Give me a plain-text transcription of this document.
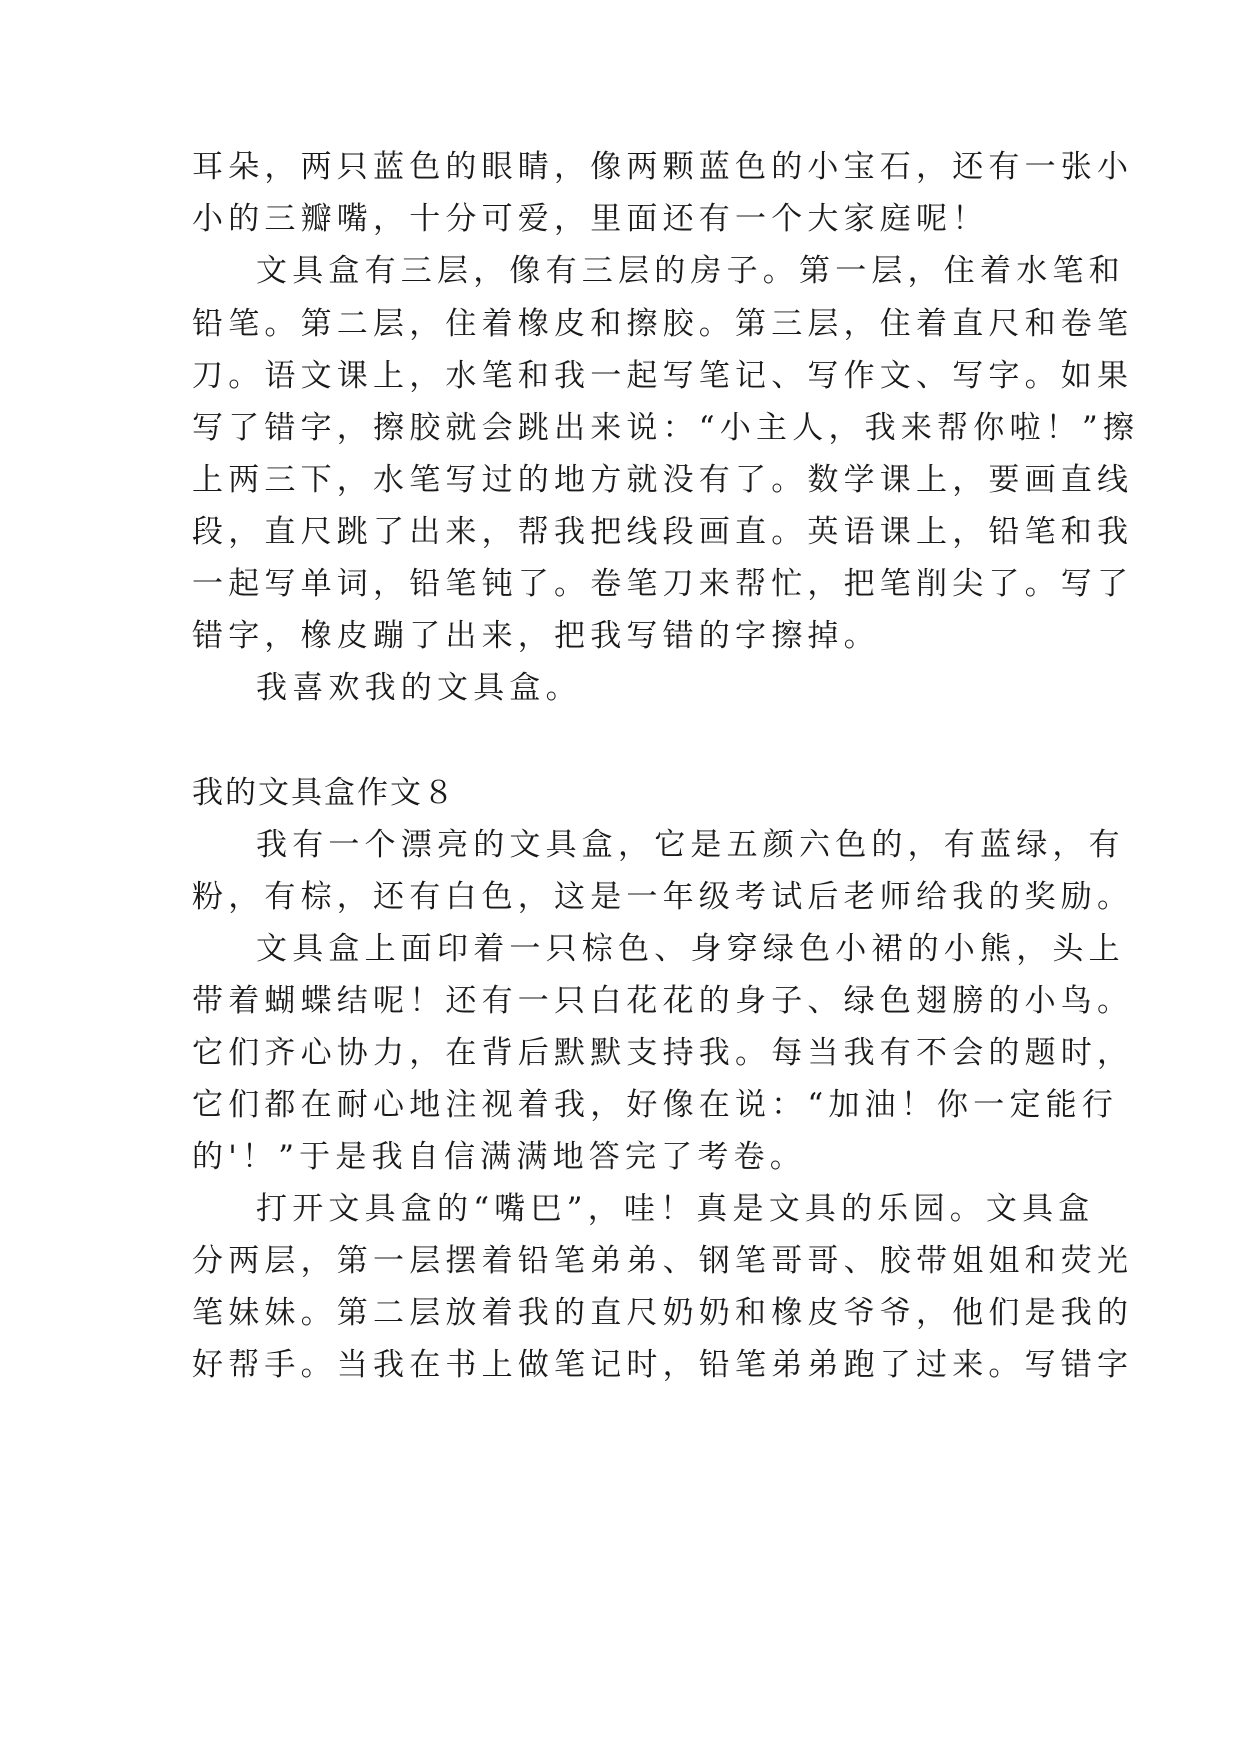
耳朵，两只蓝色的眼睛，像两颗蓝色的小宝石，还有一张小
小的三瓣嘴，十分可爱，里面还有一个大家庭呢！
文具盒有三层，像有三层的房子。第一层，住着水笔和
铅笔。第二层，住着橡皮和擦胶。第三层，住着直尺和卷笔
刀。语文课上，水笔和我一起写笔记、写作文、写字。如果
写了错字，擦胶就会跳出来说：“小主人，我来帮你啦！”擦
上两三下，水笔写过的地方就没有了。数学课上，要画直线
段，直尺跳了出来，帮我把线段画直。英语课上，铅笔和我
一起写单词，铅笔钝了。卷笔刀来帮忙，把笔削尖了。写了
错字，橡皮蹦了出来，把我写错的字擦掉。
我喜欢我的文具盒。
我的文具盒作文８
我有一个漂亮的文具盒，它是五颜六色的，有蓝绿，有
粉，有棕，还有白色，这是一年级考试后老师给我的奖励。
文具盒上面印着一只棕色、身穿绿色小裙的小熊，头上
带着蝴蝶结呢！还有一只白花花的身子、绿色翅膀的小鸟。
它们齐心协力，在背后默默支持我。每当我有不会的题时，
它们都在耐心地注视着我，好像在说：“加油！你一定能行
的'！”于是我自信满满地答完了考卷。
打开文具盒的“嘴巴”，哇！真是文具的乐园。文具盒
分两层，第一层摆着铅笔弟弟、钢笔哥哥、胶带姐姐和荧光
笔妹妹。第二层放着我的直尺奶奶和橡皮爷爷，他们是我的
好帮手。当我在书上做笔记时，铅笔弟弟跑了过来。写错字
